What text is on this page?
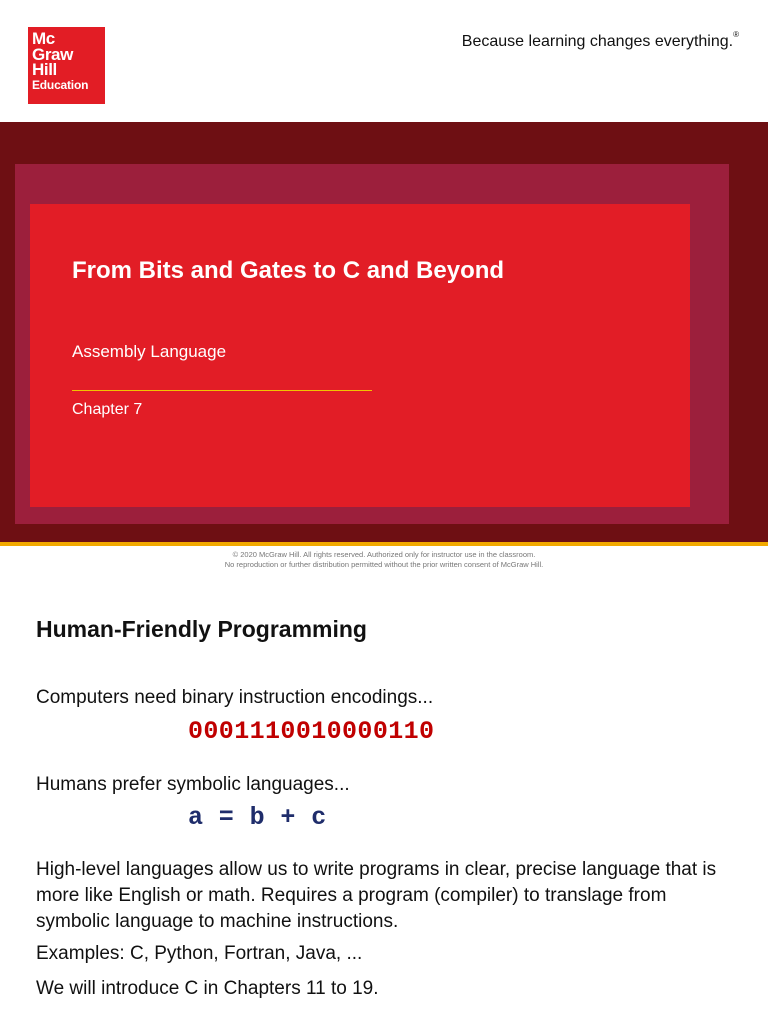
Mc
Graw
Hill
Education
Because learning changes everything.®
From Bits and Gates to C and Beyond
Assembly Language
Chapter 7
© 2020 McGraw Hill. All rights reserved. Authorized only for instructor use in the classroom.
No reproduction or further distribution permitted without the prior written consent of McGraw Hill.
Human-Friendly Programming

Computers need binary instruction encodings...

0001110010000110

Humans prefer symbolic languages...

a = b + c

High-level languages allow us to write programs in clear, precise language that is more like English or math. Requires a program (compiler) to translage from symbolic language to machine instructions.

Examples: C, Python, Fortran, Java, ...

We will introduce C in Chapters 11 to 19.
